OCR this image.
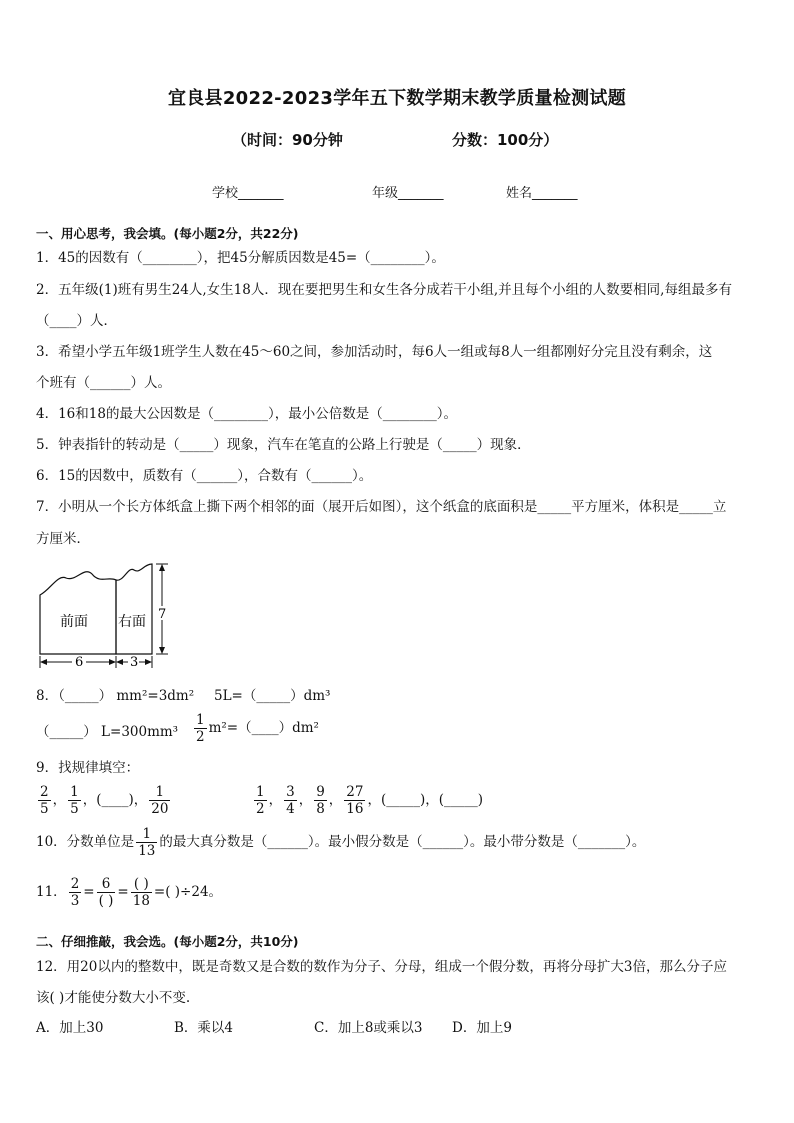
宜良县2022-2023学年五下数学期末教学质量检测试题
（时间：90分钟	分数：100分）
学校_______	年级_______	姓名_______
一、用心思考，我会填。(每小题2分，共22分)
1．45的因数有（________），把45分解质因数是45=（________）。
2．五年级(1)班有男生24人,女生18人．现在要把男生和女生各分成若干小组,并且每个小组的人数要相同,每组最多有
（____）人．
3．希望小学五年级1班学生人数在45～60之间，参加活动时，每6人一组或每8人一组都刚好分完且没有剩余，这
个班有（______）人。
4．16和18的最大公因数是（________），最小公倍数是（________）。
5．钟表指针的转动是（_____）现象，汽车在笔直的公路上行驶是（_____）现象．
6．15的因数中，质数有（______），合数有（______）。
7．小明从一个长方体纸盒上撕下两个相邻的面（展开后如图），这个纸盒的底面积是_____平方厘米，体积是_____立
方厘米．
前面 右面 7
6	3
8．（_____） mm²=3dm² 5L=（_____）dm³
（_____） $L=300mm^3 \frac{1}{2}$ m²=（____）dm²
9．找规律填空：
$\frac{2}{5}$ ， $\frac{1}{5}$ ，(____)， $\frac{1}{20}$	$\frac{1}{2}$ ， $\frac{3}{4}$ ， $\frac{9}{8}$ ， $\frac{27}{16}$ ，(_____)，(_____)
10．分数单位是 $\frac{1}{13}$ 的最大真分数是（______）。最小假分数是（______）。最小带分数是（_______）。
11． $\frac{2}{3} = \frac{6}{( )} = \frac{( )}{18}$ =( )÷24。
二、仔细推敲，我会选。(每小题2分，共10分)
12．用20以内的整数中，既是奇数又是合数的数作为分子、分母，组成一个假分数，再将分母扩大3倍，那么分子应
该( )才能使分数大小不变.
A．加上30	B．乘以4	C．加上8或乘以3 D．加上9
